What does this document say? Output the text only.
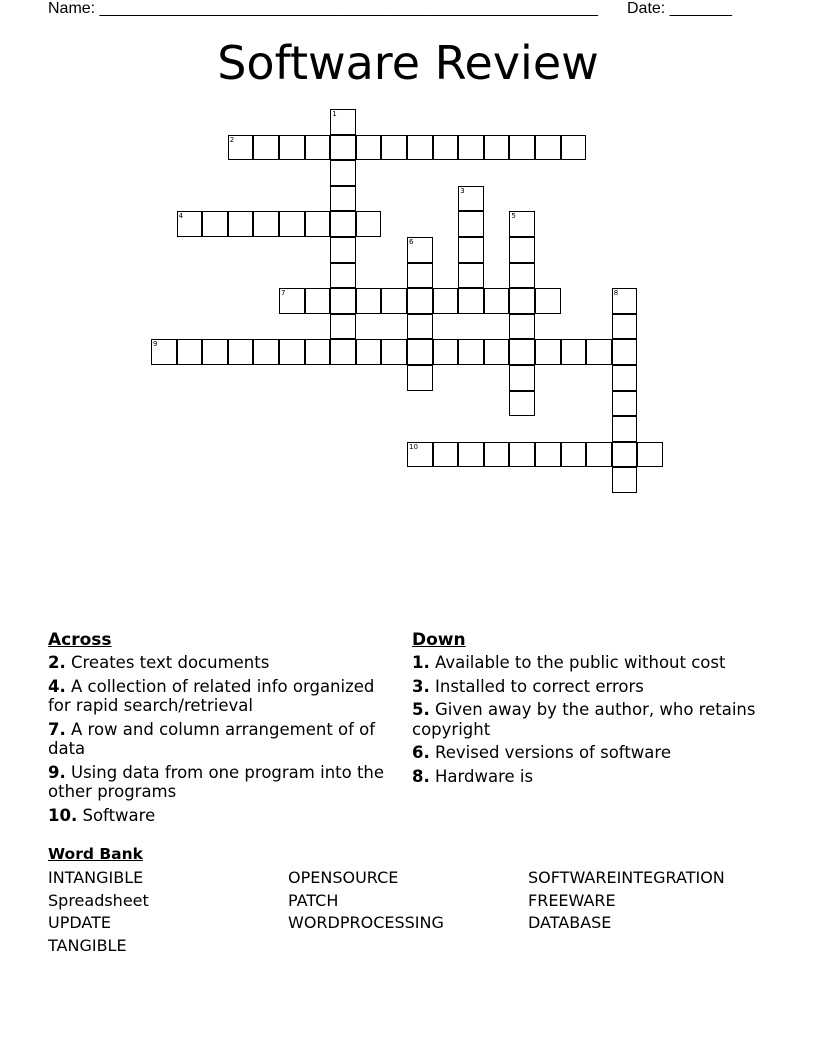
Name: ________________________________________________________ Date: _______
Software Review
1
2
3
4	5
6
7	8
9
10
Across
2. Creates text documents
4. A collection of related info organized for rapid search/retrieval
7. A row and column arrangement of of data
9. Using data from one program into the other programs
10. Software
Down
1. Available to the public without cost
3. Installed to correct errors
5. Given away by the author, who retains copyright
6. Revised versions of software
8. Hardware is
Word Bank
INTANGIBLE	OPENSOURCE	SOFTWAREINTEGRATION
Spreadsheet	PATCH	FREEWARE
UPDATE	WORDPROCESSING	DATABASE
TANGIBLE
